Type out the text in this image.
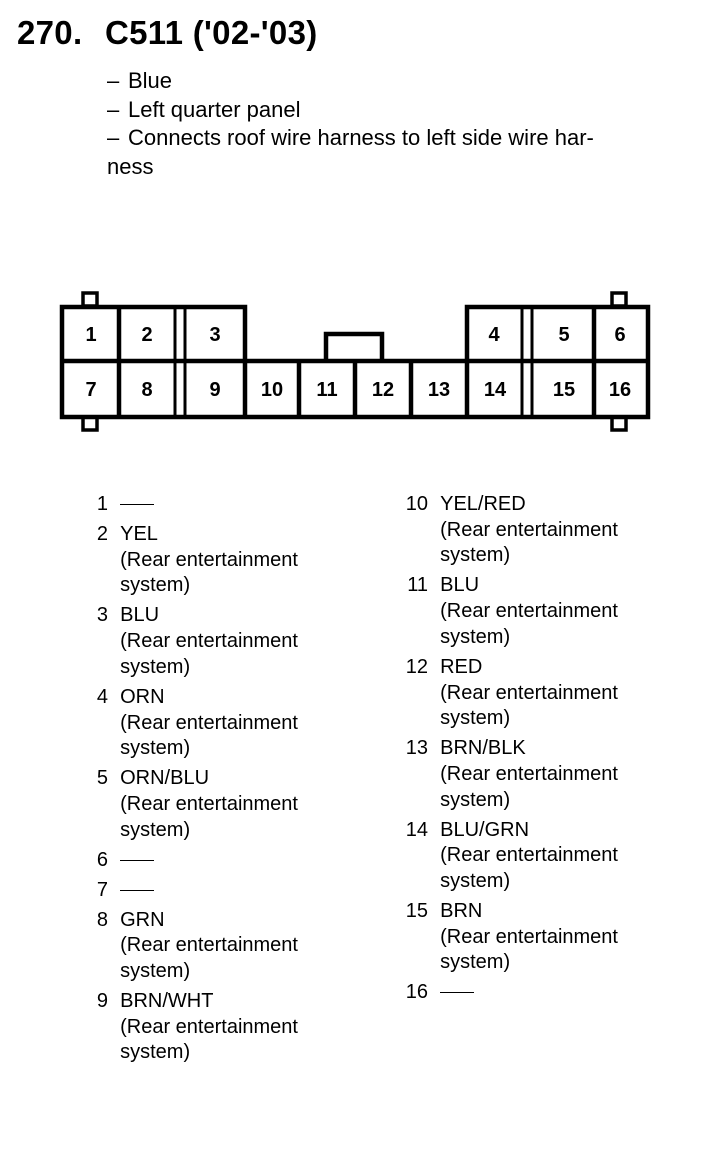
270. C511 ('02-'03)
– Blue
– Left quarter panel
– Connects roof wire harness to left side wire har-
ness
1 2	3	4	5 6
7 8	9 10 11 12 13 14 15 16
1
2 YEL
(Rear entertainment
system)
3 BLU
(Rear entertainment
system)
4 ORN
(Rear entertainment
system)
5 ORN/BLU
(Rear entertainment
system)
6
7
8 GRN
(Rear entertainment
system)
9 BRN/WHT
(Rear entertainment
system)
10 YEL/RED
(Rear entertainment
system)
11 BLU
(Rear entertainment
system)
12 RED
(Rear entertainment
system)
13 BRN/BLK
(Rear entertainment
system)
14 BLU/GRN
(Rear entertainment
system)
15 BRN
(Rear entertainment
system)
16
